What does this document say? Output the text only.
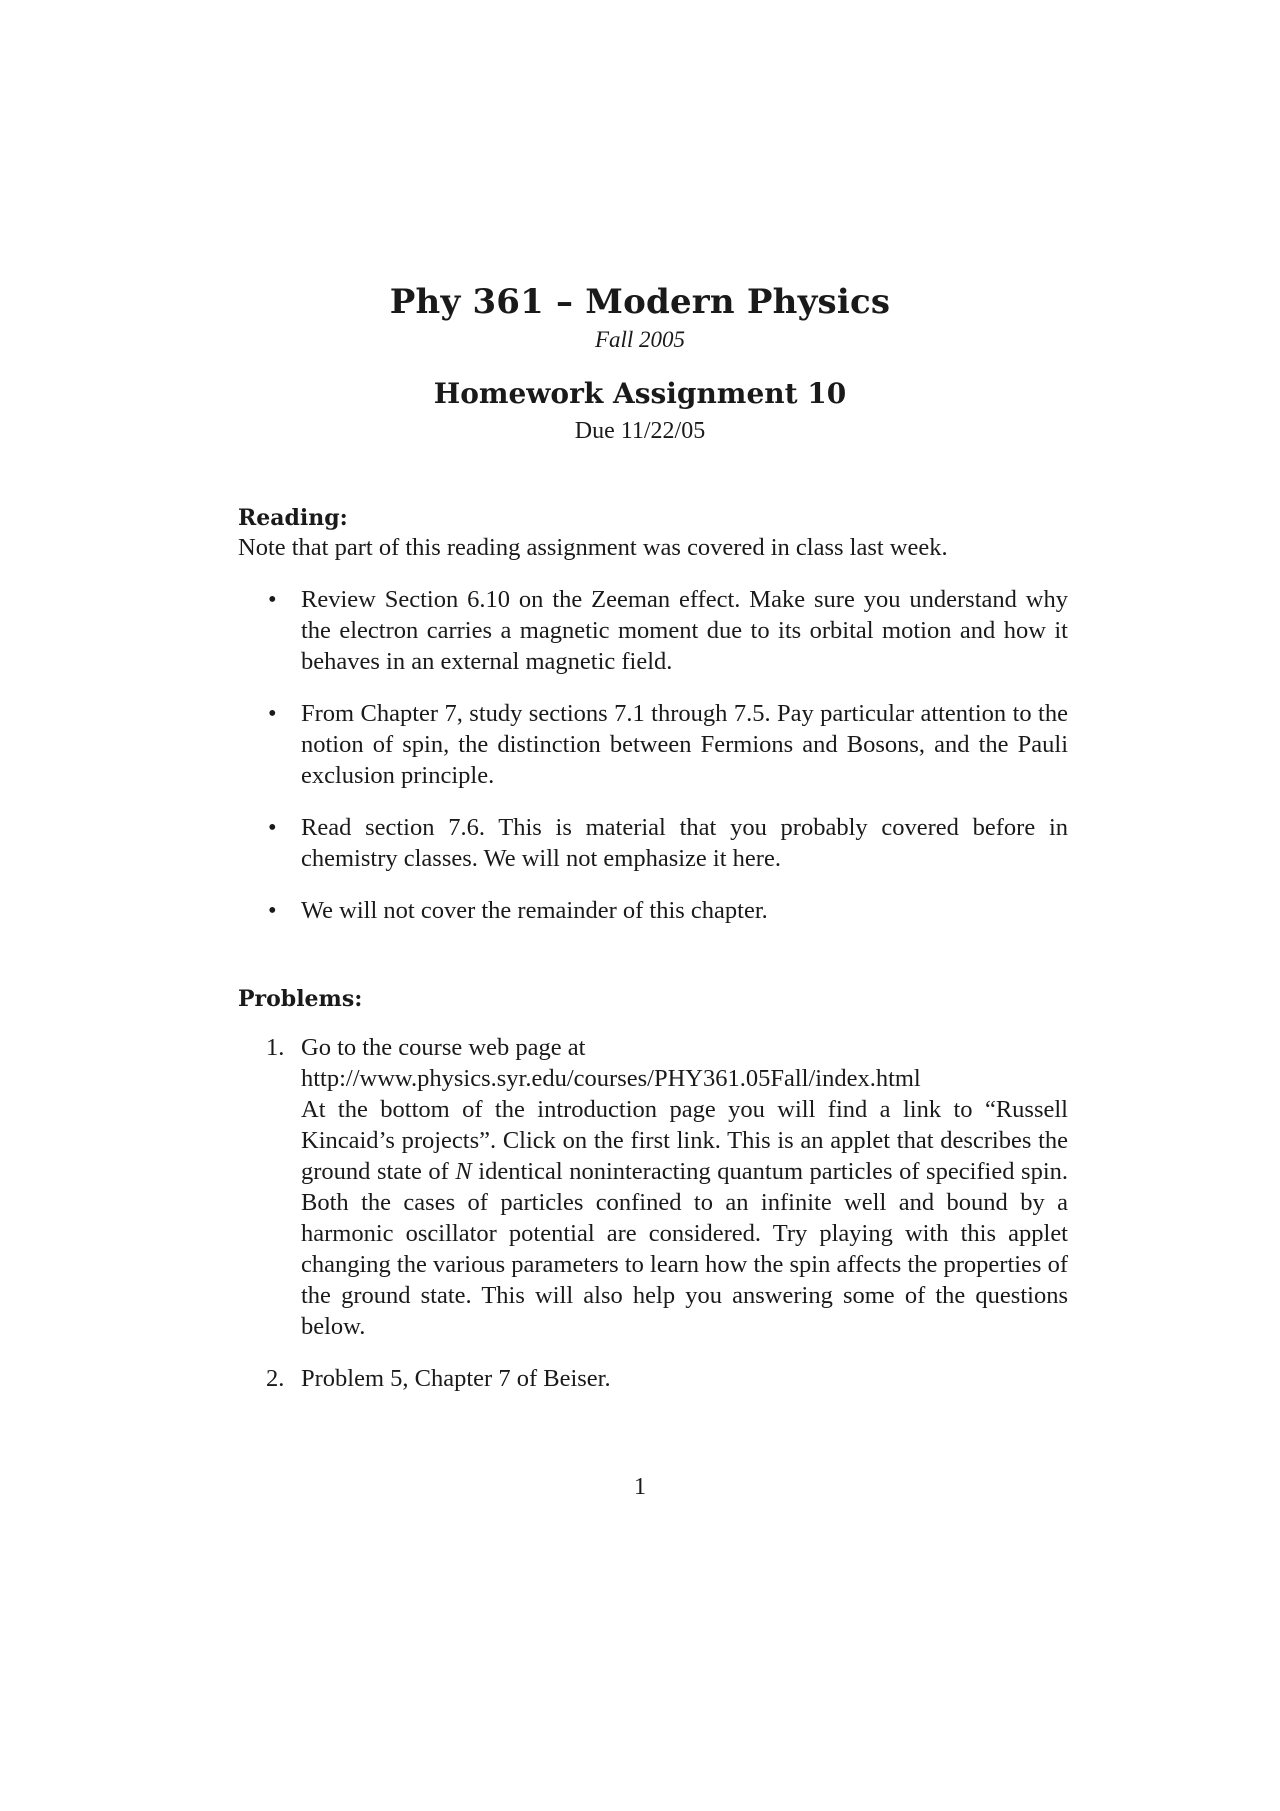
Phy 361 – Modern Physics
Fall 2005
Homework Assignment 10
Due 11/22/05
Reading:
Note that part of this reading assignment was covered in class last week.
• Review Section 6.10 on the Zeeman effect. Make sure you understand why the electron carries a magnetic moment due to its orbital motion and how it behaves in an external magnetic field.
• From Chapter 7, study sections 7.1 through 7.5. Pay particular attention to the notion of spin, the distinction between Fermions and Bosons, and the Pauli exclusion principle.
• Read section 7.6. This is material that you probably covered before in chemistry classes. We will not emphasize it here.
• We will not cover the remainder of this chapter.
Problems:
1. Go to the course web page at
http://www.physics.syr.edu/courses/PHY361.05Fall/index.html
At the bottom of the introduction page you will find a link to “Russell Kincaid’s projects”. Click on the first link. This is an applet that describes the ground state of N identical noninteracting quantum particles of specified spin. Both the cases of particles confined to an infinite well and bound by a harmonic oscillator potential are considered. Try playing with this applet changing the various parameters to learn how the spin affects the properties of the ground state. This will also help you answering some of the questions below.
2. Problem 5, Chapter 7 of Beiser.
1
